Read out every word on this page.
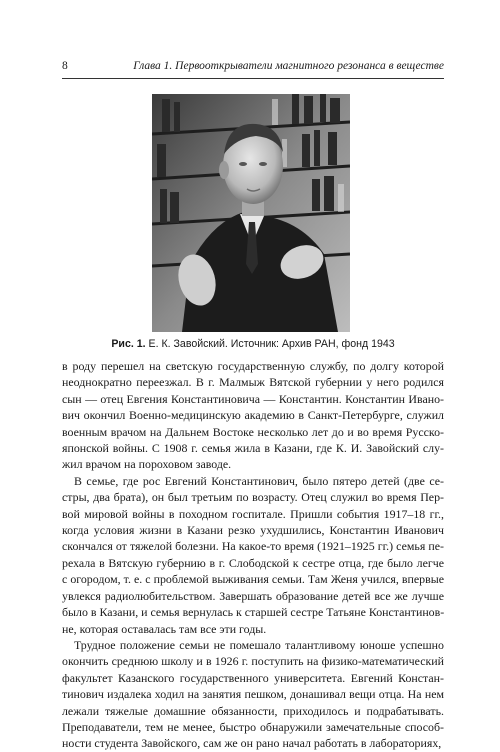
8	Глава 1. Первооткрыватели магнитного резонанса в веществе
Рис. 1. Е. К. Завойский. Источник: Архив РАН, фонд 1943
в роду перешел на светскую государственную службу, по долгу которой
неоднократно переезжал. В г. Малмыж Вятской губернии у него родился
сын — отец Евгения Константиновича — Константин. Константин Ивано-
вич окончил Военно-медицинскую академию в Санкт-Петербурге, служил
военным врачом на Дальнем Востоке несколько лет до и во время Русско-
японской войны. С 1908 г. семья жила в Казани, где К. И. Завойский слу-
жил врачом на пороховом заводе.
В семье, где рос Евгений Константинович, было пятеро детей (две се-
стры, два брата), он был третьим по возрасту. Отец служил во время Пер-
вой мировой войны в походном госпитале. Пришли события 1917–18 гг.,
когда условия жизни в Казани резко ухудшились, Константин Иванович
скончался от тяжелой болезни. На какое-то время (1921–1925 гг.) семья пе-
рехала в Вятскую губернию в г. Слободской к сестре отца, где было легче
с огородом, т. е. с проблемой выживания семьи. Там Женя учился, впервые
увлекся радиолюбительством. Завершать образование детей все же лучше
было в Казани, и семья вернулась к старшей сестре Татьяне Константинов-
не, которая оставалась там все эти годы.
Трудное положение семьи не помешало талантливому юноше успешно
окончить среднюю школу и в 1926 г. поступить на физико-математический
факультет Казанского государственного университета. Евгений Констан-
тинович издалека ходил на занятия пешком, донашивал вещи отца. На нем
лежали тяжелые домашние обязанности, приходилось и подрабатывать.
Преподаватели, тем не менее, быстро обнаружили замечательные способ-
ности студента Завойского, сам же он рано начал работать в лабораториях,
